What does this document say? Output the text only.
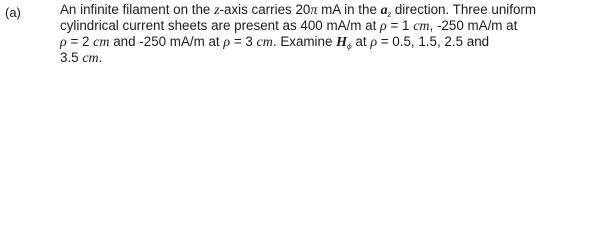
(a)	An infinite filament on the z-axis carries 20π mA in the $a_z$ direction. Three uniform
cylindrical current sheets are present as 400 mA/m at ρ = 1 cm, -250 mA/m at
ρ = 2 cm and -250 mA/m at ρ = 3 cm. Examine $H_\phi$ at ρ = 0.5, 1.5, 2.5 and
3.5 cm.
